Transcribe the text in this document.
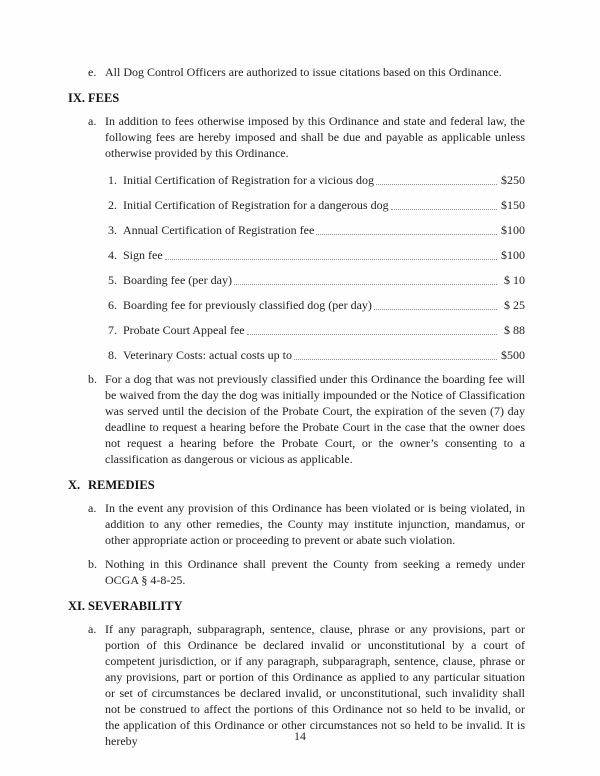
e. All Dog Control Officers are authorized to issue citations based on this Ordinance.
IX. FEES
a. In addition to fees otherwise imposed by this Ordinance and state and federal law, the following fees are hereby imposed and shall be due and payable as applicable unless otherwise provided by this Ordinance.
1. Initial Certification of Registration for a vicious dog	$250
2. Initial Certification of Registration for a dangerous dog	$150
3. Annual Certification of Registration fee	$100
4. Sign fee	$100
5. Boarding fee (per day)	$ 10
6. Boarding fee for previously classified dog (per day)	$ 25
7. Probate Court Appeal fee	$ 88
8. Veterinary Costs: actual costs up to	$500
b. For a dog that was not previously classified under this Ordinance the boarding fee will be waived from the day the dog was initially impounded or the Notice of Classification was served until the decision of the Probate Court, the expiration of the seven (7) day deadline to request a hearing before the Probate Court in the case that the owner does not request a hearing before the Probate Court, or the owner’s consenting to a classification as dangerous or vicious as applicable.
X. REMEDIES
a. In the event any provision of this Ordinance has been violated or is being violated, in addition to any other remedies, the County may institute injunction, mandamus, or other appropriate action or proceeding to prevent or abate such violation.
b. Nothing in this Ordinance shall prevent the County from seeking a remedy under OCGA § 4-8-25.
XI. SEVERABILITY
a. If any paragraph, subparagraph, sentence, clause, phrase or any provisions, part or portion of this Ordinance be declared invalid or unconstitutional by a court of competent jurisdiction, or if any paragraph, subparagraph, sentence, clause, phrase or any provisions, part or portion of this Ordinance as applied to any particular situation or set of circumstances be declared invalid, or unconstitutional, such invalidity shall not be construed to affect the portions of this Ordinance not so held to be invalid, or the application of this Ordinance or other circumstances not so held to be invalid. It is hereby	14
